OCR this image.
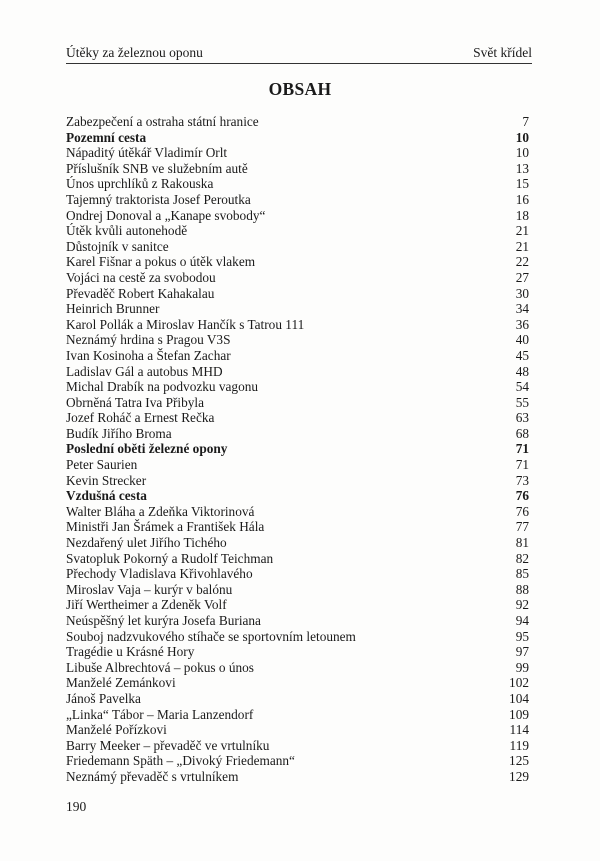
Útěky za železnou oponu	Svět křídel
OBSAH
Zabezpečení a ostraha státní hranice	7
Pozemní cesta	10
Nápaditý útěkář Vladimír Orlt	10
Příslušník SNB ve služebním autě	13
Únos uprchlíků z Rakouska	15
Tajemný traktorista Josef Peroutka	16
Ondrej Donoval a „Kanape svobody“	18
Útěk kvůli autonehodě	21
Důstojník v sanitce	21
Karel Fišnar a pokus o útěk vlakem	22
Vojáci na cestě za svobodou	27
Převaděč Robert Kahakalau	30
Heinrich Brunner	34
Karol Pollák a Miroslav Hančík s Tatrou 111	36
Neznámý hrdina s Pragou V3S	40
Ivan Kosinoha a Štefan Zachar	45
Ladislav Gál a autobus MHD	48
Michal Drabík na podvozku vagonu	54
Obrněná Tatra Iva Přibyla	55
Jozef Roháč a Ernest Rečka	63
Budík Jiřího Broma	68
Poslední oběti železné opony	71
Peter Saurien	71
Kevin Strecker	73
Vzdušná cesta	76
Walter Bláha a Zdeňka Viktorinová	76
Ministři Jan Šrámek a František Hála	77
Nezdařený ulet Jiřího Tichého	81
Svatopluk Pokorný a Rudolf Teichman	82
Přechody Vladislava Křivohlavého	85
Miroslav Vaja – kurýr v balónu	88
Jiří Wertheimer a Zdeněk Volf	92
Neúspěšný let kurýra Josefa Buriana	94
Souboj nadzvukového stíhače se sportovním letounem	95
Tragédie u Krásné Hory	97
Libuše Albrechtová – pokus o únos	99
Manželé Zemánkovi	102
Jánoš Pavelka	104
„Linka“ Tábor – Maria Lanzendorf	109
Manželé Pořízkovi	114
Barry Meeker – převaděč ve vrtulníku	119
Friedemann Späth – „Divoký Friedemann“	125
Neznámý převaděč s vrtulníkem	129
190
